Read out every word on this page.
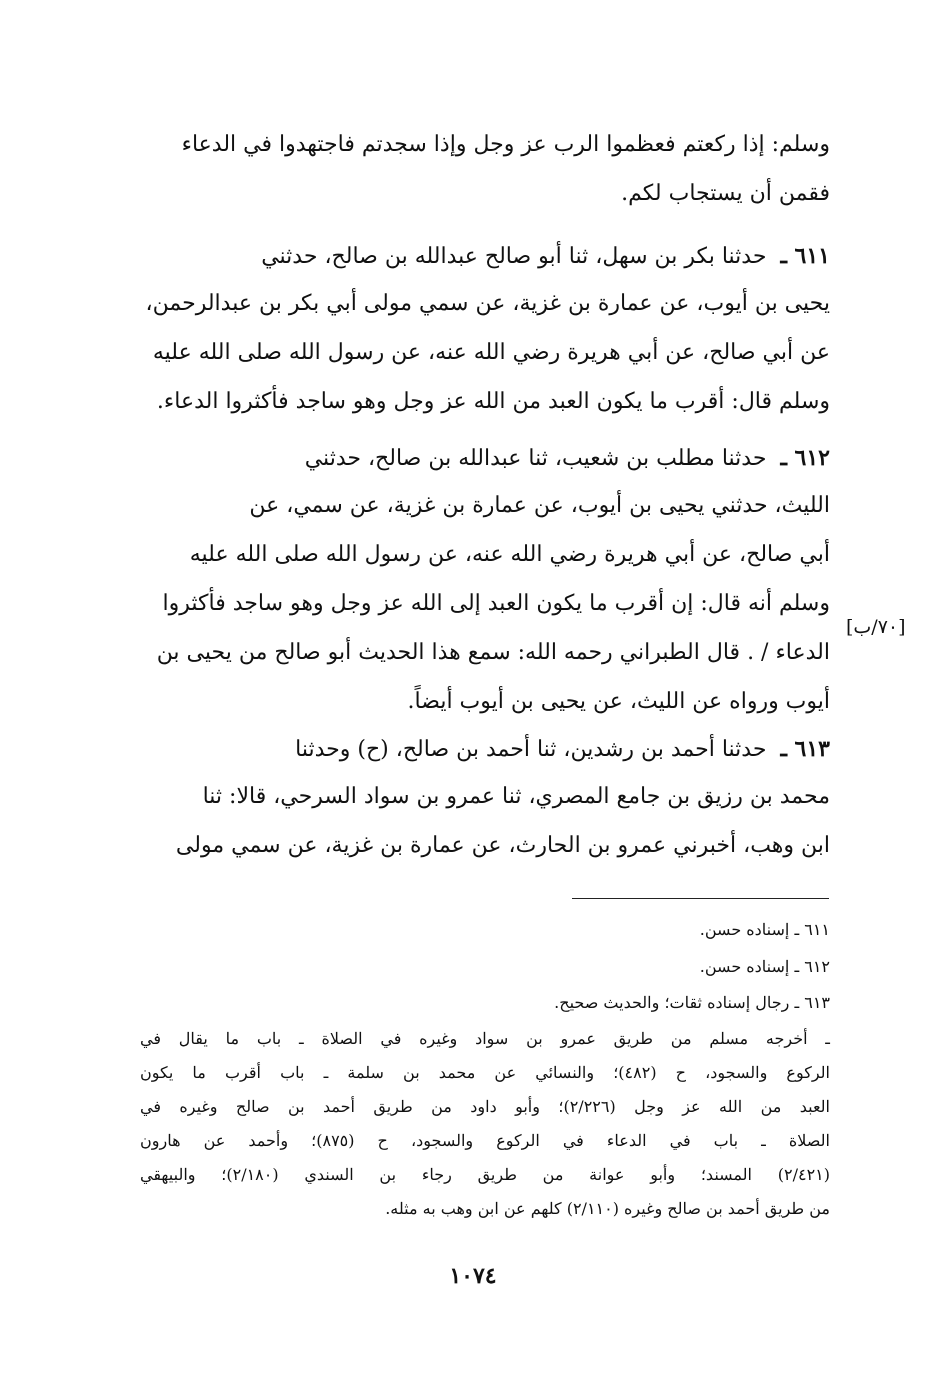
وسلم: إذا ركعتم فعظموا الرب عز وجل وإذا سجدتم فاجتهدوا في الدعاء
فقمن أن يستجاب لكم.
٦١١ ـ  حدثنا بكر بن سهل، ثنا أبو صالح عبدالله بن صالح، حدثني
يحيى بن أيوب، عن عمارة بن غزية، عن سمي مولى أبي بكر بن عبدالرحمن،
عن أبي صالح، عن أبي هريرة رضي الله عنه، عن رسول الله صلى الله عليه
وسلم قال: أقرب ما يكون العبد من الله عز وجل وهو ساجد فأكثروا الدعاء.
٦١٢ ـ  حدثنا مطلب بن شعيب، ثنا عبدالله بن صالح، حدثني
الليث، حدثني يحيى بن أيوب، عن عمارة بن غزية، عن سمي، عن
أبي صالح، عن أبي هريرة رضي الله عنه، عن رسول الله صلى الله عليه
وسلم أنه قال: إن أقرب ما يكون العبد إلى الله عز وجل وهو ساجد فأكثروا
الدعاء / . قال الطبراني رحمه الله: سمع هذا الحديث أبو صالح من يحيى بن
أيوب ورواه عن الليث، عن يحيى بن أيوب أيضاً.
[٧٠/ب]
٦١٣ ـ  حدثنا أحمد بن رشدين، ثنا أحمد بن صالح، (ح) وحدثنا
محمد بن رزيق بن جامع المصري، ثنا عمرو بن سواد السرحي، قالا: ثنا
ابن وهب، أخبرني عمرو بن الحارث، عن عمارة بن غزية، عن سمي مولى
٦١١ ـ إسناده حسن.
٦١٢ ـ إسناده حسن.
٦١٣ ـ رجال إسناده ثقات؛ والحديث صحيح.
ـ أخرجه مسلم من طريق عمرو بن سواد وغيره في الصلاة ـ باب ما يقال في
الركوع والسجود، ح (٤٨٢)؛ والنسائي عن محمد بن سلمة ـ باب أقرب ما يكون
العبد من الله عز وجل (٢/٢٢٦)؛ وأبو داود من طريق أحمد بن صالح وغيره في
الصلاة ـ باب في الدعاء في الركوع والسجود، ح (٨٧٥)؛ وأحمد عن هارون
(٢/٤٢١) المسند؛ وأبو عوانة من طريق رجاء بن السندي (٢/١٨٠)؛ والبيهقي
من طريق أحمد بن صالح وغيره (٢/١١٠) كلهم عن ابن وهب به مثله.
١٠٧٤
